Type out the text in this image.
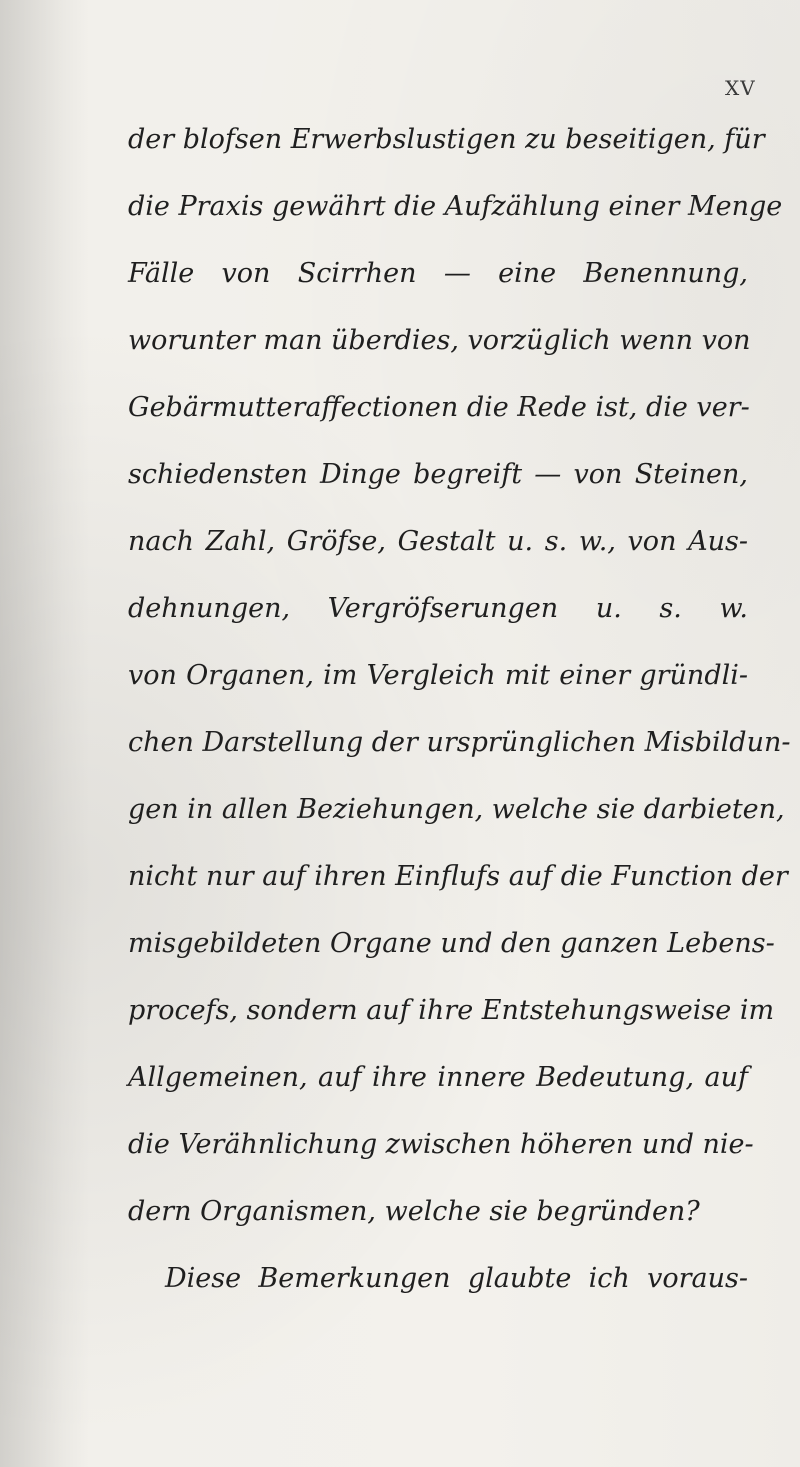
XV
der blofsen Erwerbslustigen zu beseitigen, für
die Praxis gewährt die Aufzählung einer Menge
Fälle von Scirrhen — eine Benennung,
worunter man überdies, vorzüglich wenn von
Gebärmutteraffectionen die Rede ist, die ver-
schiedensten Dinge begreift — von Steinen,
nach Zahl, Gröfse, Gestalt u. s. w., von Aus-
dehnungen, Vergröfserungen u. s. w.
von Organen, im Vergleich mit einer gründli-
chen Darstellung der ursprünglichen Misbildun-
gen in allen Beziehungen, welche sie darbieten,
nicht nur auf ihren Einflufs auf die Function der
misgebildeten Organe und den ganzen Lebens-
procefs, sondern auf ihre Entstehungsweise im
Allgemeinen, auf ihre innere Bedeutung, auf
die Verähnlichung zwischen höheren und nie-
dern Organismen, welche sie begründen?
Diese Bemerkungen glaubte ich voraus-
